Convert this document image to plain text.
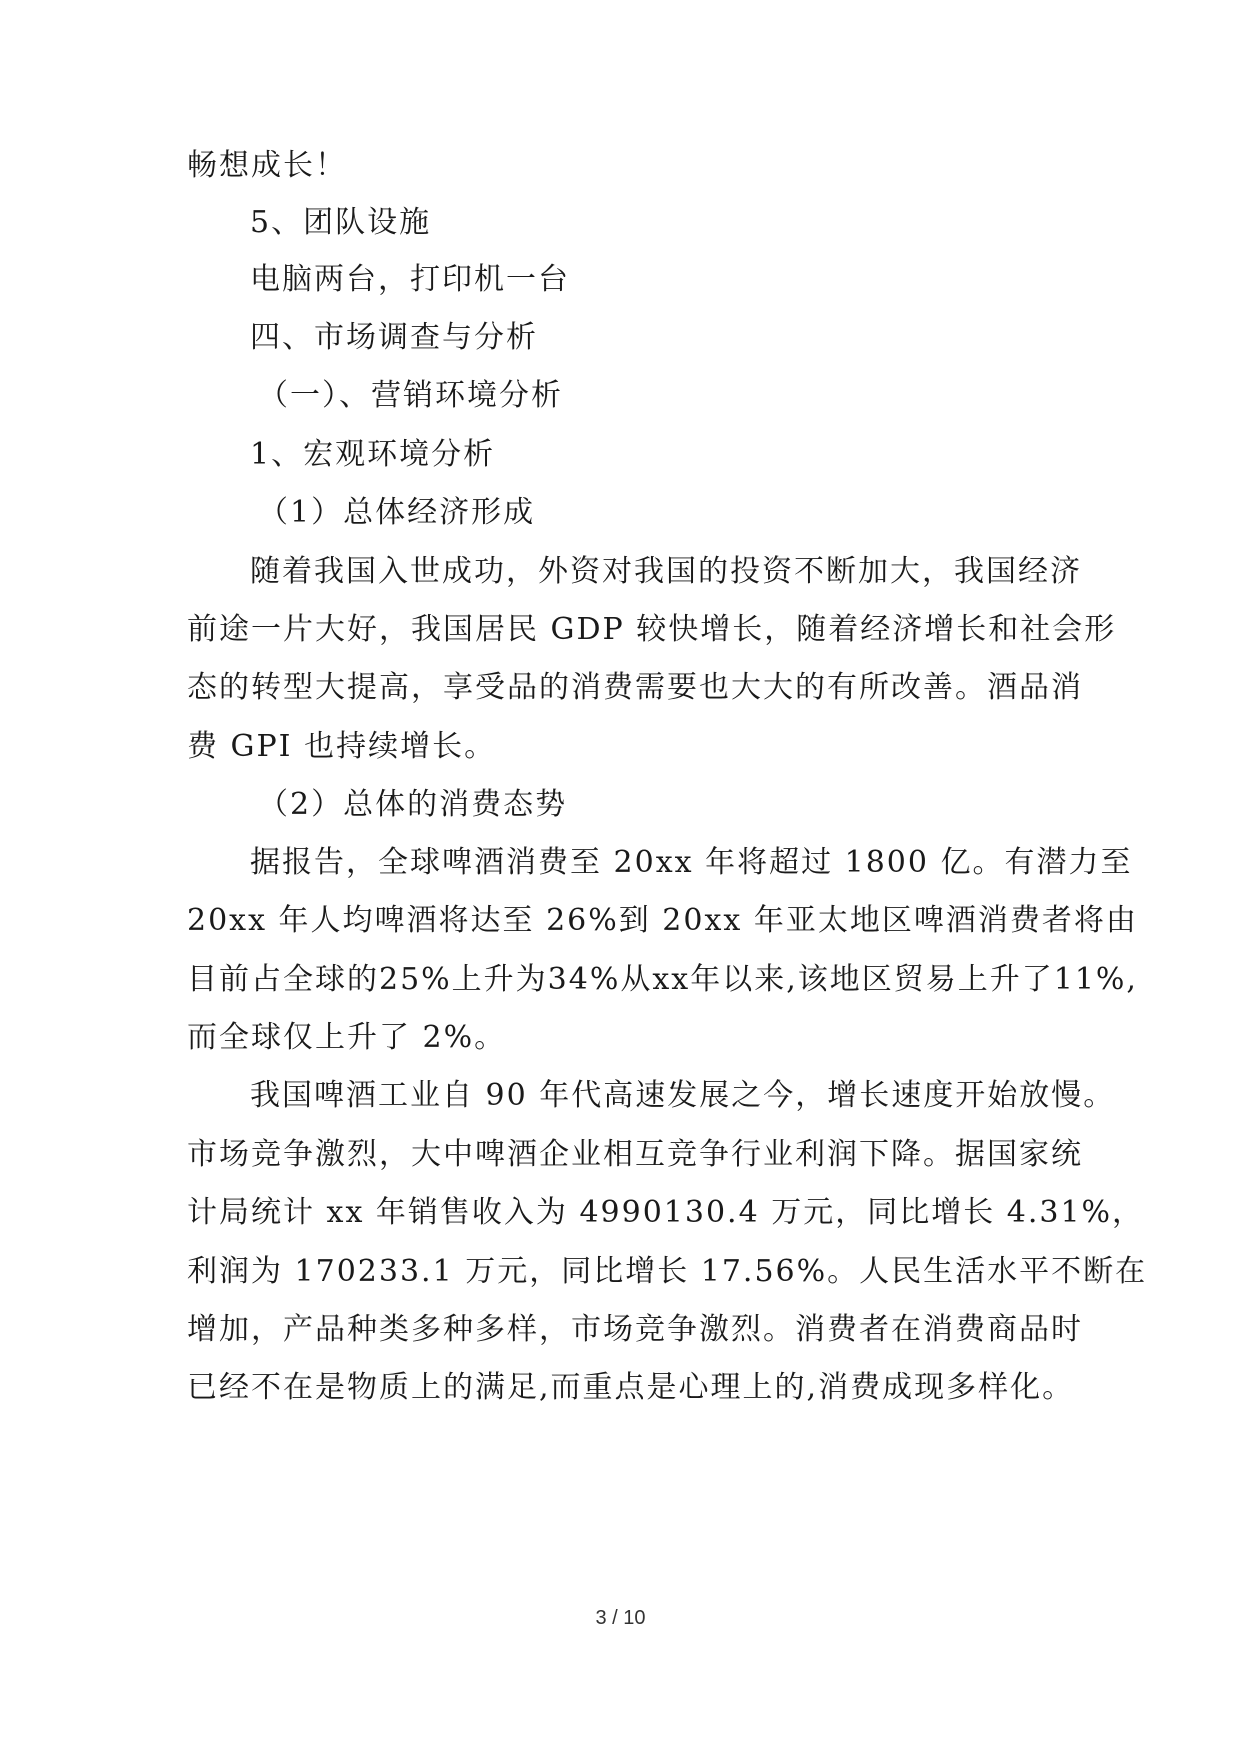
畅想成长！
5、团队设施
电脑两台，打印机一台
四、市场调查与分析
（一）、营销环境分析
1、宏观环境分析
（1）总体经济形成
随着我国入世成功，外资对我国的投资不断加大，我国经济
前途一片大好，我国居民 GDP 较快增长，随着经济增长和社会形
态的转型大提高，享受品的消费需要也大大的有所改善。酒品消
费 GPI 也持续增长。
（2）总体的消费态势
据报告，全球啤酒消费至 20xx 年将超过 1800 亿。有潜力至
20xx 年人均啤酒将达至 26%到 20xx 年亚太地区啤酒消费者将由
目前占全球的25%上升为34%从xx年以来,该地区贸易上升了11%,
而全球仅上升了 2%。
我国啤酒工业自 90 年代高速发展之今，增长速度开始放慢。
市场竞争激烈，大中啤酒企业相互竞争行业利润下降。据国家统
计局统计 xx 年销售收入为 4990130.4 万元，同比增长 4.31%，
利润为 170233.1 万元，同比增长 17.56%。人民生活水平不断在
增加，产品种类多种多样，市场竞争激烈。消费者在消费商品时
已经不在是物质上的满足,而重点是心理上的,消费成现多样化。
3 / 10
